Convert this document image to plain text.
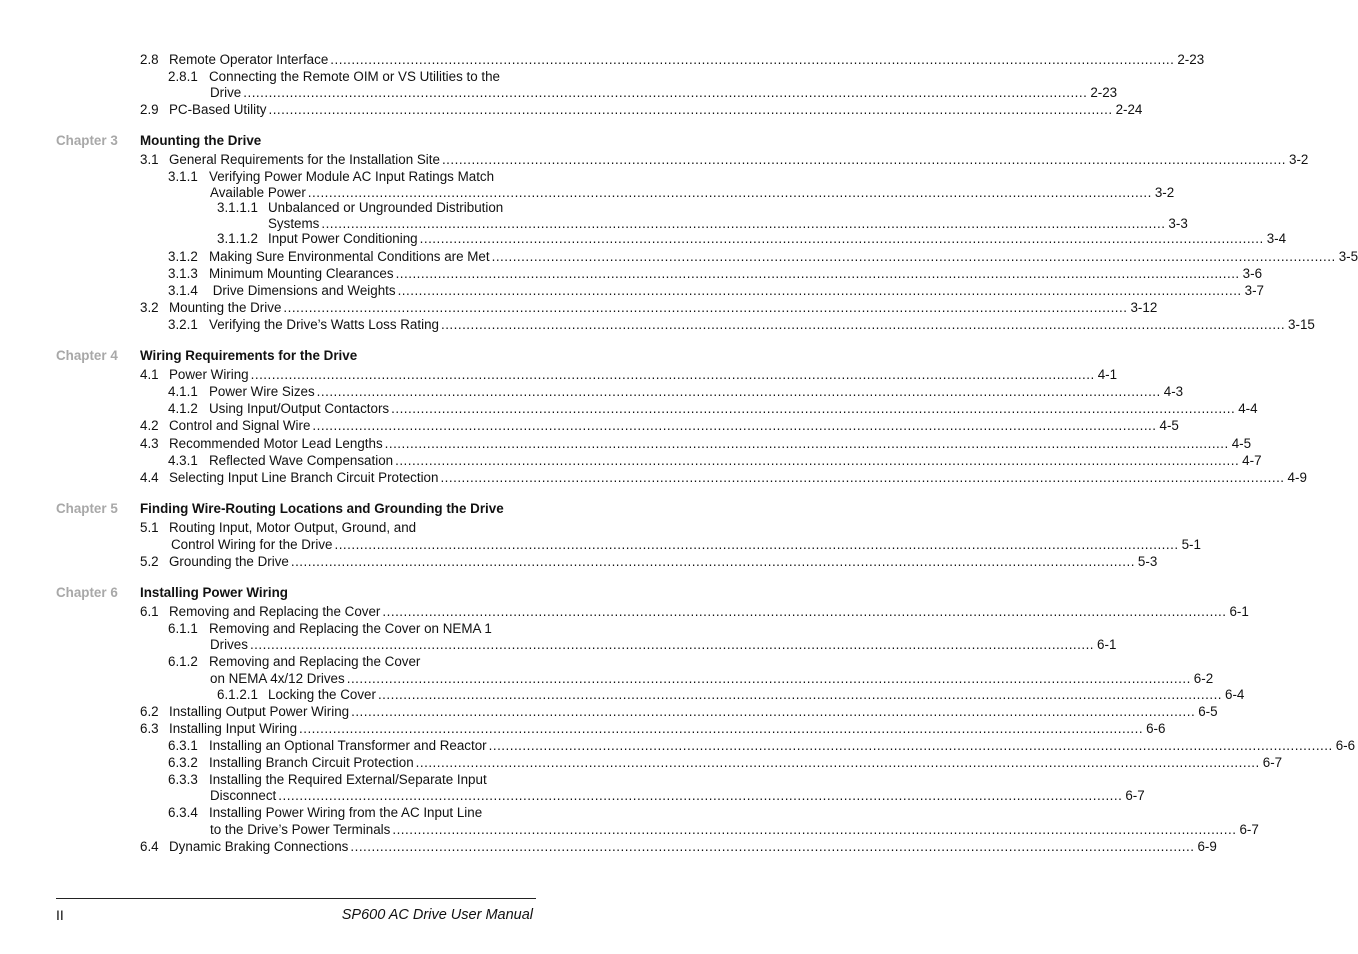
2.8 Remote Operator Interface ........................................................................................................................................................................................................ 2-23
2.8.1 Connecting the Remote OIM or VS Utilities to the
Drive ........................................................................................................................................................................................................ 2-23
2.9 PC-Based Utility ........................................................................................................................................................................................................ 2-24
Chapter 3 Mounting the Drive
3.1 General Requirements for the Installation Site ........................................................................................................................................................................................................ 3-2
3.1.1 Verifying Power Module AC Input Ratings Match
Available Power ........................................................................................................................................................................................................ 3-2
3.1.1.1 Unbalanced or Ungrounded Distribution
Systems ........................................................................................................................................................................................................ 3-3
3.1.1.2 Input Power Conditioning ........................................................................................................................................................................................................ 3-4
3.1.2 Making Sure Environmental Conditions are Met ........................................................................................................................................................................................................ 3-5
3.1.3 Minimum Mounting Clearances ........................................................................................................................................................................................................ 3-6
3.1.4 Drive Dimensions and Weights ........................................................................................................................................................................................................ 3-7
3.2 Mounting the Drive ........................................................................................................................................................................................................ 3-12
3.2.1 Verifying the Drive’s Watts Loss Rating ........................................................................................................................................................................................................ 3-15
Chapter 4 Wiring Requirements for the Drive
4.1 Power Wiring ........................................................................................................................................................................................................ 4-1
4.1.1 Power Wire Sizes ........................................................................................................................................................................................................ 4-3
4.1.2 Using Input/Output Contactors ........................................................................................................................................................................................................ 4-4
4.2 Control and Signal Wire ........................................................................................................................................................................................................ 4-5
4.3 Recommended Motor Lead Lengths ........................................................................................................................................................................................................ 4-5
4.3.1 Reflected Wave Compensation ........................................................................................................................................................................................................ 4-7
4.4 Selecting Input Line Branch Circuit Protection ........................................................................................................................................................................................................ 4-9
Chapter 5 Finding Wire-Routing Locations and Grounding the Drive
5.1 Routing Input, Motor Output, Ground, and
Control Wiring for the Drive ........................................................................................................................................................................................................ 5-1
5.2 Grounding the Drive ........................................................................................................................................................................................................ 5-3
Chapter 6 Installing Power Wiring
6.1 Removing and Replacing the Cover ........................................................................................................................................................................................................ 6-1
6.1.1 Removing and Replacing the Cover on NEMA 1
Drives ........................................................................................................................................................................................................ 6-1
6.1.2 Removing and Replacing the Cover
on NEMA 4x/12 Drives ........................................................................................................................................................................................................ 6-2
6.1.2.1 Locking the Cover ........................................................................................................................................................................................................ 6-4
6.2 Installing Output Power Wiring ........................................................................................................................................................................................................ 6-5
6.3 Installing Input Wiring ........................................................................................................................................................................................................ 6-6
6.3.1 Installing an Optional Transformer and Reactor ........................................................................................................................................................................................................ 6-6
6.3.2 Installing Branch Circuit Protection ........................................................................................................................................................................................................ 6-7
6.3.3 Installing the Required External/Separate Input
Disconnect ........................................................................................................................................................................................................ 6-7
6.3.4 Installing Power Wiring from the AC Input Line
to the Drive’s Power Terminals ........................................................................................................................................................................................................ 6-7
6.4 Dynamic Braking Connections ........................................................................................................................................................................................................ 6-9
II	SP600 AC Drive User Manual
